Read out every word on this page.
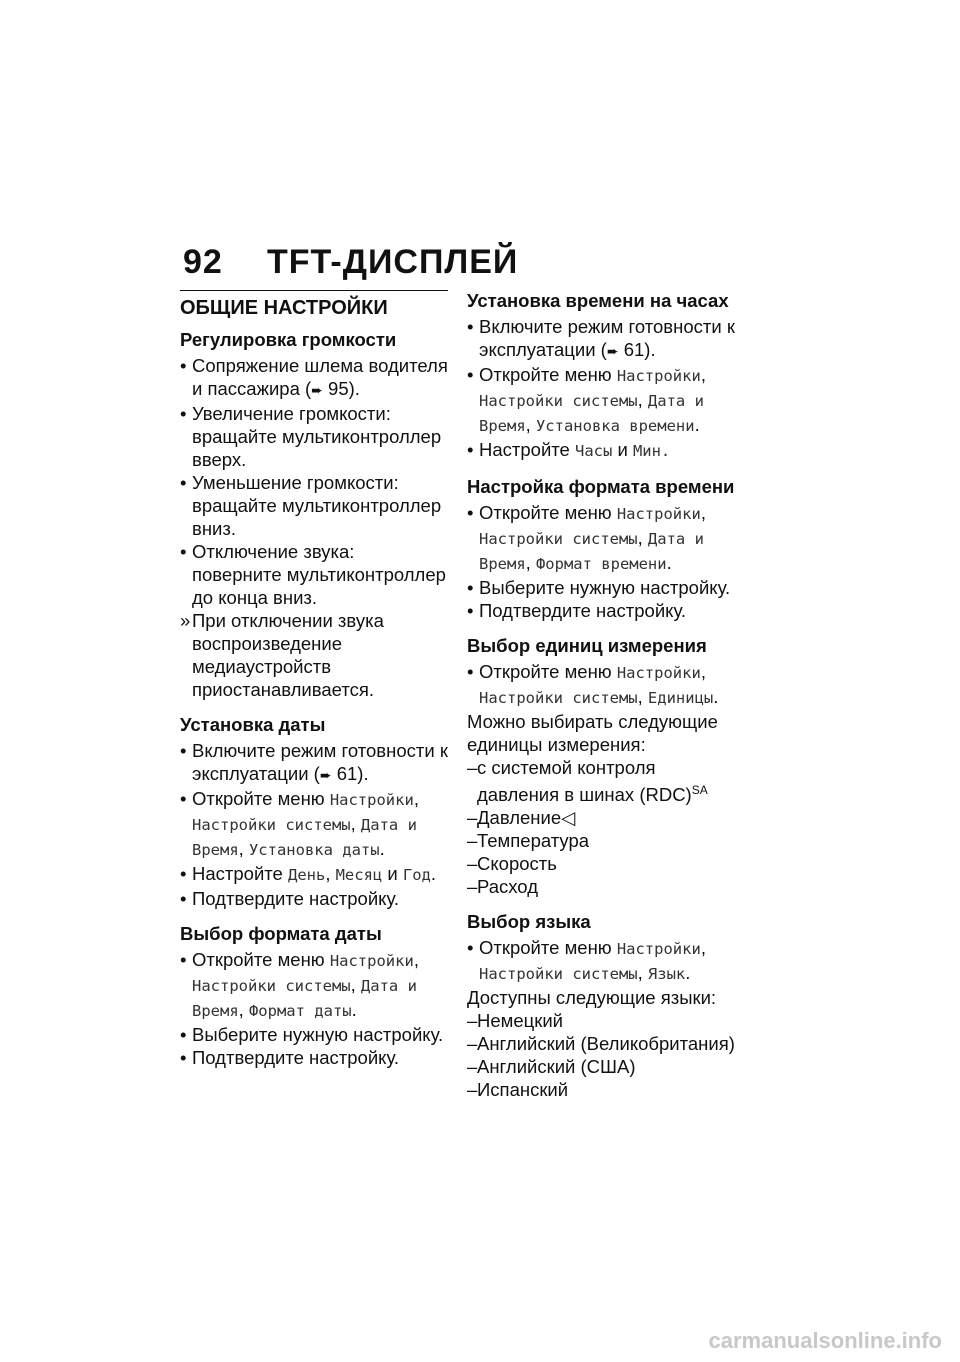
92 TFT-ДИСПЛЕЙ
ОБЩИЕ НАСТРОЙКИ
Регулировка громкости
• Сопряжение шлема водителя и пассажира (➨ 95).
• Увеличение громкости: вращайте мультиконтроллер вверх.
• Уменьшение громкости: вращайте мультиконтроллер вниз.
• Отключение звука: поверните мультиконтроллер до конца вниз.
» При отключении звука воспроизведение медиаустройств приостанавливается.
Установка даты
• Включите режим готовности к эксплуатации (➨ 61).
• Откройте меню Настройки, Настройки системы, Дата и Время, Установка даты.
• Настройте День, Месяц и Год.
• Подтвердите настройку.
Выбор формата даты
• Откройте меню Настройки, Настройки системы, Дата и Время, Формат даты.
• Выберите нужную настройку.
• Подтвердите настройку.
Установка времени на часах
• Включите режим готовности к эксплуатации (➨ 61).
• Откройте меню Настройки, Настройки системы, Дата и Время, Установка времени.
• Настройте Часы и Мин.
Настройка формата времени
• Откройте меню Настройки, Настройки системы, Дата и Время, Формат времени.
• Выберите нужную настройку.
• Подтвердите настройку.
Выбор единиц измерения
• Откройте меню Настройки, Настройки системы, Единицы.

Можно выбирать следующие единицы измерения:

– с системой контроля давления в шинах (RDC)$^{SA}$
– Давление◁
– Температура
– Скорость
– Расход
Выбор языка
• Откройте меню Настройки, Настройки системы, Язык.

Доступны следующие языки:

– Немецкий
– Английский (Великобритания)
– Английский (США)
– Испанский
carmanualsonline.info
